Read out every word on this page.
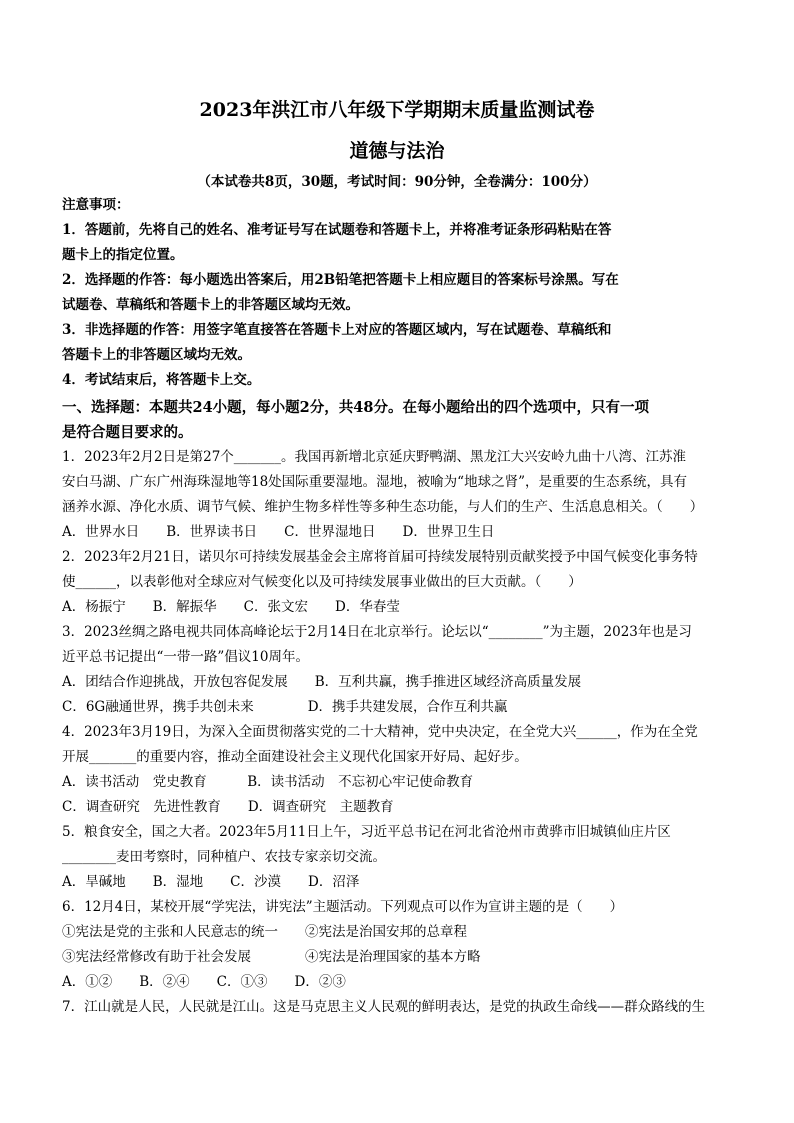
2023年洪江市八年级下学期期末质量监测试卷
道德与法治
（本试卷共8页，30题，考试时间：90分钟，全卷满分：100分）
注意事项：
1．答题前，先将自己的姓名、准考证号写在试题卷和答题卡上，并将准考证条形码粘贴在答
题卡上的指定位置。
2．选择题的作答：每小题选出答案后，用2B铅笔把答题卡上相应题目的答案标号涂黑。写在
试题卷、草稿纸和答题卡上的非答题区域均无效。
3．非选择题的作答：用签字笔直接答在答题卡上对应的答题区域内，写在试题卷、草稿纸和
答题卡上的非答题区域均无效。
4．考试结束后，将答题卡上交。
一、选择题：本题共24小题，每小题2分，共48分。在每小题给出的四个选项中，只有一项
是符合题目要求的。
1．2023年2月2日是第27个_______。我国再新增北京延庆野鸭湖、黑龙江大兴安岭九曲十八湾、江苏淮
安白马湖、广东广州海珠湿地等18处国际重要湿地。湿地，被喻为“地球之肾”，是重要的生态系统，具有
涵养水源、净化水质、调节气候、维护生物多样性等多种生态功能，与人们的生产、生活息息相关。（　　）
A．世界水日　　B．世界读书日　　C．世界湿地日　　D．世界卫生日
2．2023年2月21日，诺贝尔可持续发展基金会主席将首届可持续发展特别贡献奖授予中国气候变化事务特
使______，以表彰他对全球应对气候变化以及可持续发展事业做出的巨大贡献。（　　）
A．杨振宁　　B．解振华　　C．张文宏　　D．华春莹
3．2023丝绸之路电视共同体高峰论坛于2月14日在北京举行。论坛以“________”为主题，2023年也是习
近平总书记提出“一带一路”倡议10周年。
A．团结合作迎挑战，开放包容促发展　　B．互利共赢，携手推进区域经济高质量发展
C．6G融通世界，携手共创未来　　　　D．携手共建发展，合作互利共赢
4．2023年3月19日，为深入全面贯彻落实党的二十大精神，党中央决定，在全党大兴______，作为在全党
开展_______的重要内容，推动全面建设社会主义现代化国家开好局、起好步。
A．读书活动　党史教育　　　B．读书活动　不忘初心牢记使命教育
C．调查研究　先进性教育　　D．调查研究　主题教育
5．粮食安全，国之大者。2023年5月11日上午，习近平总书记在河北省沧州市黄骅市旧城镇仙庄片区
________麦田考察时，同种植户、农技专家亲切交流。
A．旱碱地　　B．湿地　　C．沙漠　　D．沼泽
6．12月4日，某校开展“学宪法，讲宪法”主题活动。下列观点可以作为宣讲主题的是（　　）
①宪法是党的主张和人民意志的统一　　②宪法是治国安邦的总章程
③宪法经常修改有助于社会发展　　　　④宪法是治理国家的基本方略
A．①②　　B．②④　　C．①③　　D．②③
7．江山就是人民，人民就是江山。这是马克思主义人民观的鲜明表达，是党的执政生命线——群众路线的生
